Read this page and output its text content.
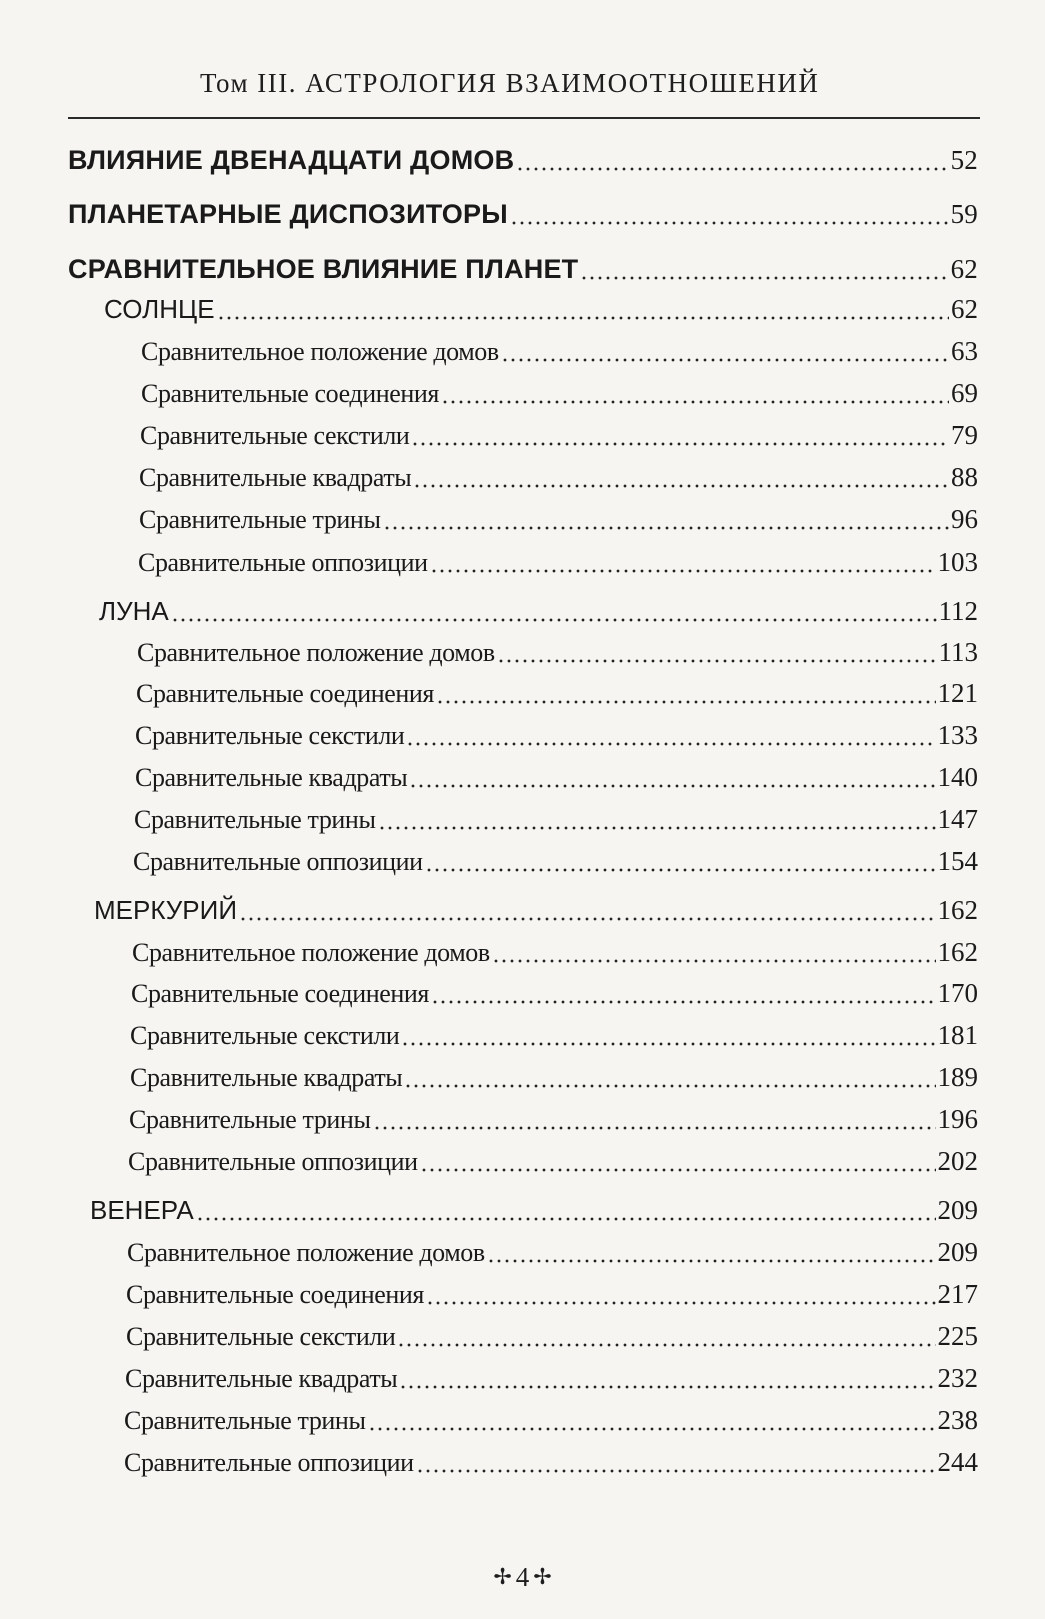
Том III. АСТРОЛОГИЯ ВЗАИМООТНОШЕНИЙ
ВЛИЯНИЕ ДВЕНАДЦАТИ ДОМОВ	52
ПЛАНЕТАРНЫЕ ДИСПОЗИТОРЫ	59
СРАВНИТЕЛЬНОЕ ВЛИЯНИЕ ПЛАНЕТ	62
СОЛНЦЕ	62
Сравнительное положение домов	63
Сравнительные соединения	69
Сравнительные секстили	79
Сравнительные квадраты	88
Сравнительные трины	96
Сравнительные оппозиции	103
ЛУНА	112
Сравнительное положение домов	113
Сравнительные соединения	121
Сравнительные секстили	133
Сравнительные квадраты	140
Сравнительные трины	147
Сравнительные оппозиции	154
МЕРКУРИЙ	162
Сравнительное положение домов	162
Сравнительные соединения	170
Сравнительные секстили	181
Сравнительные квадраты	189
Сравнительные трины	196
Сравнительные оппозиции	202
ВЕНЕРА	209
Сравнительное положение домов	209
Сравнительные соединения	217
Сравнительные секстили	225
Сравнительные квадраты	232
Сравнительные трины	238
Сравнительные оппозиции	244
✢ 4 ✢
